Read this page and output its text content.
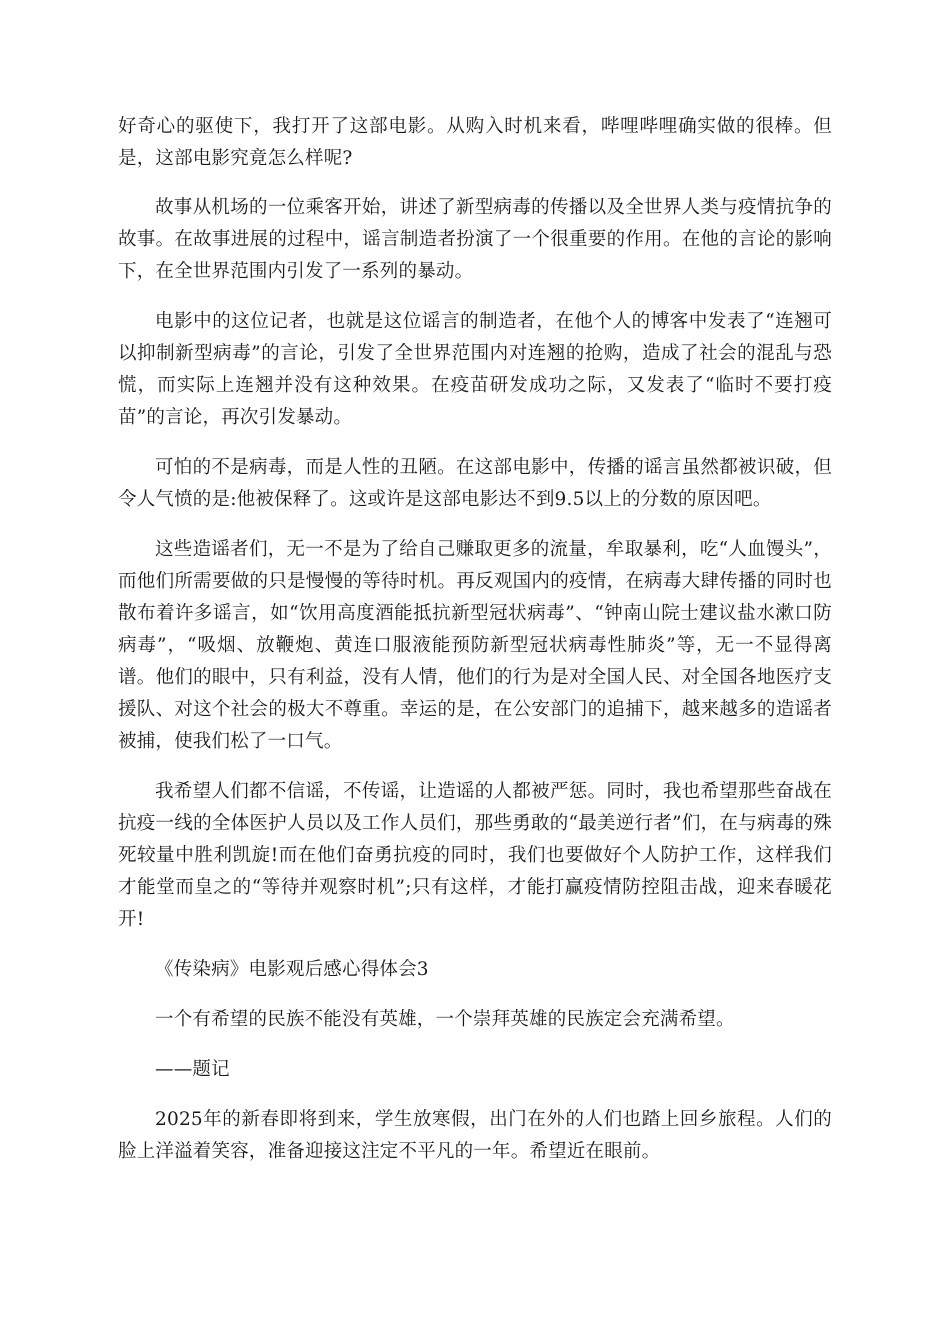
好奇心的驱使下，我打开了这部电影。从购入时机来看，哔哩哔哩确实做的很棒。但是，这部电影究竟怎么样呢?

故事从机场的一位乘客开始，讲述了新型病毒的传播以及全世界人类与疫情抗争的故事。在故事进展的过程中，谣言制造者扮演了一个很重要的作用。在他的言论的影响下，在全世界范围内引发了一系列的暴动。

电影中的这位记者，也就是这位谣言的制造者，在他个人的博客中发表了“连翘可以抑制新型病毒”的言论，引发了全世界范围内对连翘的抢购，造成了社会的混乱与恐慌，而实际上连翘并没有这种效果。在疫苗研发成功之际，又发表了“临时不要打疫苗”的言论，再次引发暴动。

可怕的不是病毒，而是人性的丑陋。在这部电影中，传播的谣言虽然都被识破，但令人气愤的是:他被保释了。这或许是这部电影达不到9.5以上的分数的原因吧。

这些造谣者们，无一不是为了给自己赚取更多的流量，牟取暴利，吃“人血馒头”，而他们所需要做的只是慢慢的等待时机。再反观国内的疫情，在病毒大肆传播的同时也散布着许多谣言，如“饮用高度酒能抵抗新型冠状病毒”、“钟南山院士建议盐水漱口防病毒”，“吸烟、放鞭炮、黄连口服液能预防新型冠状病毒性肺炎”等，无一不显得离谱。他们的眼中，只有利益，没有人情，他们的行为是对全国人民、对全国各地医疗支援队、对这个社会的极大不尊重。幸运的是，在公安部门的追捕下，越来越多的造谣者被捕，使我们松了一口气。

我希望人们都不信谣，不传谣，让造谣的人都被严惩。同时，我也希望那些奋战在抗疫一线的全体医护人员以及工作人员们，那些勇敢的“最美逆行者”们，在与病毒的殊死较量中胜利凯旋!而在他们奋勇抗疫的同时，我们也要做好个人防护工作，这样我们才能堂而皇之的“等待并观察时机”;只有这样，才能打赢疫情防控阻击战，迎来春暖花开!

《传染病》电影观后感心得体会3

一个有希望的民族不能没有英雄，一个崇拜英雄的民族定会充满希望。

——题记

2025年的新春即将到来，学生放寒假，出门在外的人们也踏上回乡旅程。人们的脸上洋溢着笑容，准备迎接这注定不平凡的一年。希望近在眼前。
